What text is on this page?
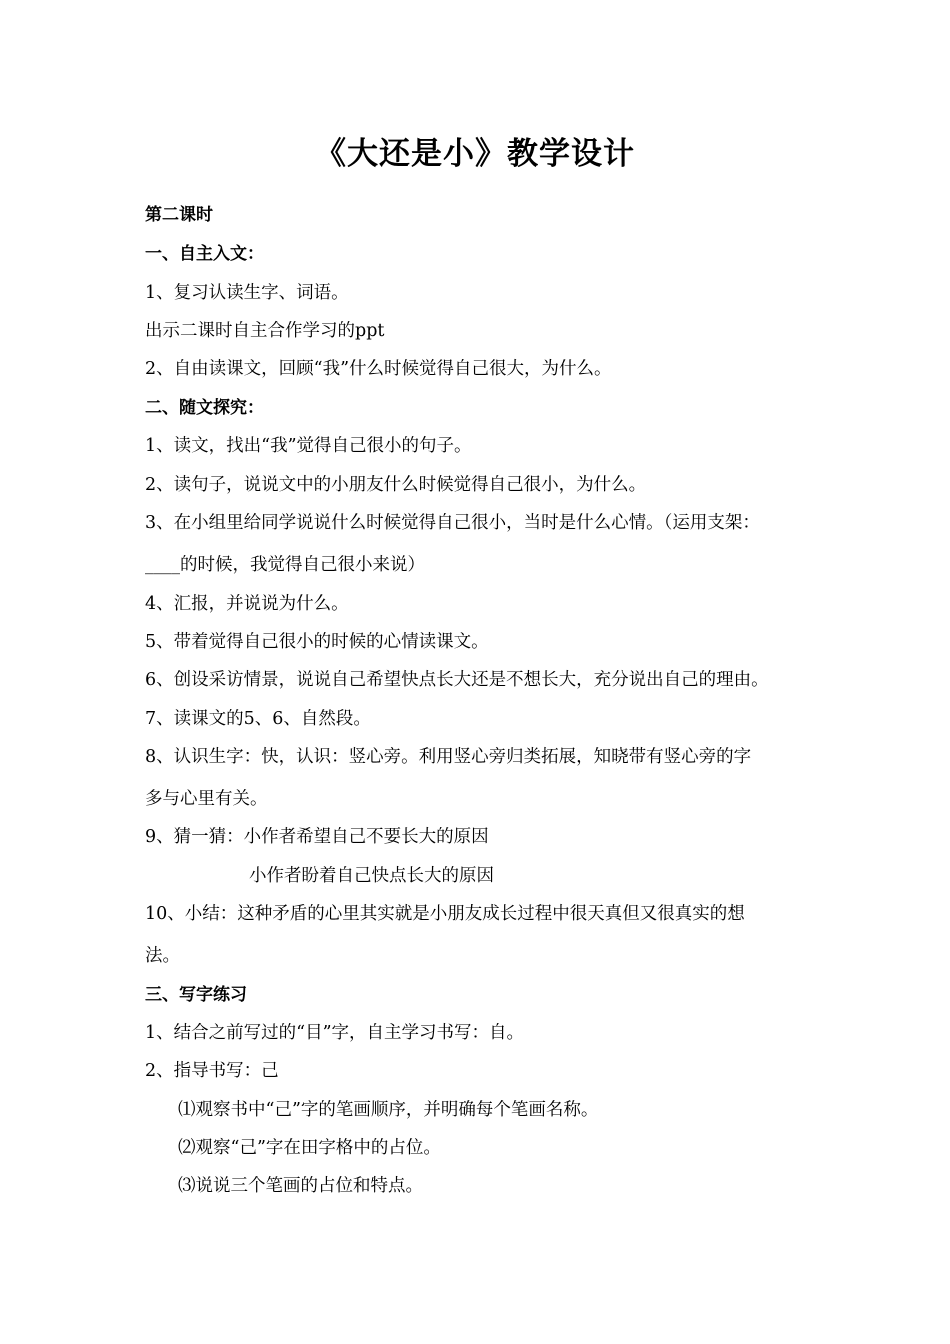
《大还是小》教学设计
第二课时
一、自主入文：
1、复习认读生字、词语。
出示二课时自主合作学习的ppt
2、自由读课文，回顾“我”什么时候觉得自己很大，为什么。
二、随文探究：
1、读文，找出“我”觉得自己很小的句子。
2、读句子，说说文中的小朋友什么时候觉得自己很小，为什么。
3、在小组里给同学说说什么时候觉得自己很小，当时是什么心情。（运用支架：
____的时候，我觉得自己很小来说）
4、汇报，并说说为什么。
5、带着觉得自己很小的时候的心情读课文。
6、创设采访情景，说说自己希望快点长大还是不想长大，充分说出自己的理由。
7、读课文的5、6、自然段。
8、认识生字：快，认识：竖心旁。利用竖心旁归类拓展，知晓带有竖心旁的字
多与心里有关。
9、猜一猜：小作者希望自己不要长大的原因
小作者盼着自己快点长大的原因
10、小结：这种矛盾的心里其实就是小朋友成长过程中很天真但又很真实的想
法。
三、写字练习
1、结合之前写过的“目”字，自主学习书写：自。
2、指导书写：己
⑴观察书中“己”字的笔画顺序，并明确每个笔画名称。
⑵观察“己”字在田字格中的占位。
⑶说说三个笔画的占位和特点。
